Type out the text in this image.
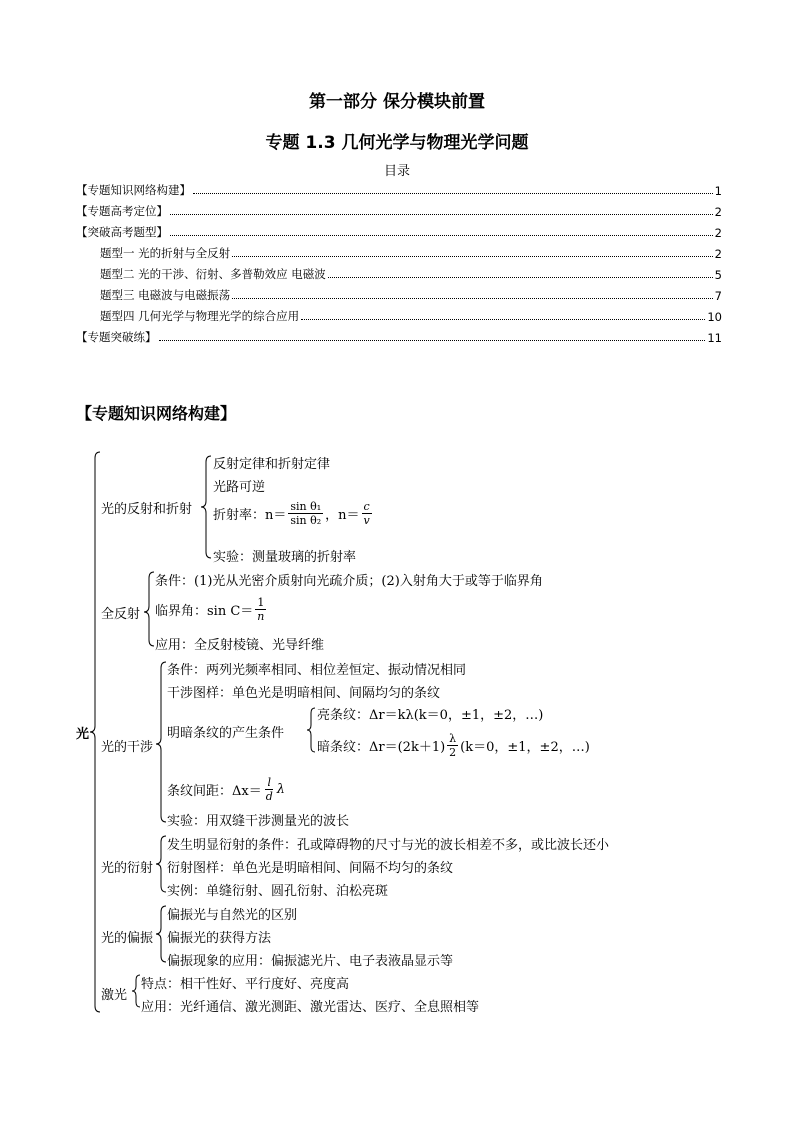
第一部分 保分模块前置
专题 1.3 几何光学与物理光学问题
目录
【专题知识网络构建】	1
【专题高考定位】	2
【突破高考题型】	2
题型一 光的折射与全反射	2
题型二 光的干涉、衍射、多普勒效应 电磁波	5
题型三 电磁波与电磁振荡	7
题型四 几何光学与物理光学的综合应用	10
【专题突破练】	11
【专题知识网络构建】
光
光的反射和折射
反射定律和折射定律
光路可逆
折射率：$n= \frac{\text{sin θ₁}}{\text{sin θ₂}}$ ，$n= \frac{c}{v}$
实验：测量玻璃的折射率
全反射
条件：(1)光从光密介质射向光疏介质；(2)入射角大于或等于临界角
临界角：$\sin C= \frac{1}{n}$
应用：全反射棱镜、光导纤维
光的干涉
条件：两列光频率相同、相位差恒定、振动情况相同
干涉图样：单色光是明暗相间、间隔均匀的条纹
明暗条纹的产生条件
亮条纹：Δr＝kλ(k＝0，±1，±2，…)
暗条纹：$\Delta r=(2k+1) \frac{\lambda}{2} (k=0$，±1，±2，…)
条纹间距：$\Delta x= \frac{l}{d}$ λ
实验：用双缝干涉测量光的波长
光的衍射
发生明显衍射的条件：孔或障碍物的尺寸与光的波长相差不多，或比波长还小
衍射图样：单色光是明暗相间、间隔不均匀的条纹
实例：单缝衍射、圆孔衍射、泊松亮斑
光的偏振
偏振光与自然光的区别
偏振光的获得方法
偏振现象的应用：偏振滤光片、电子表液晶显示等
激光
特点：相干性好、平行度好、亮度高
应用：光纤通信、激光测距、激光雷达、医疗、全息照相等
